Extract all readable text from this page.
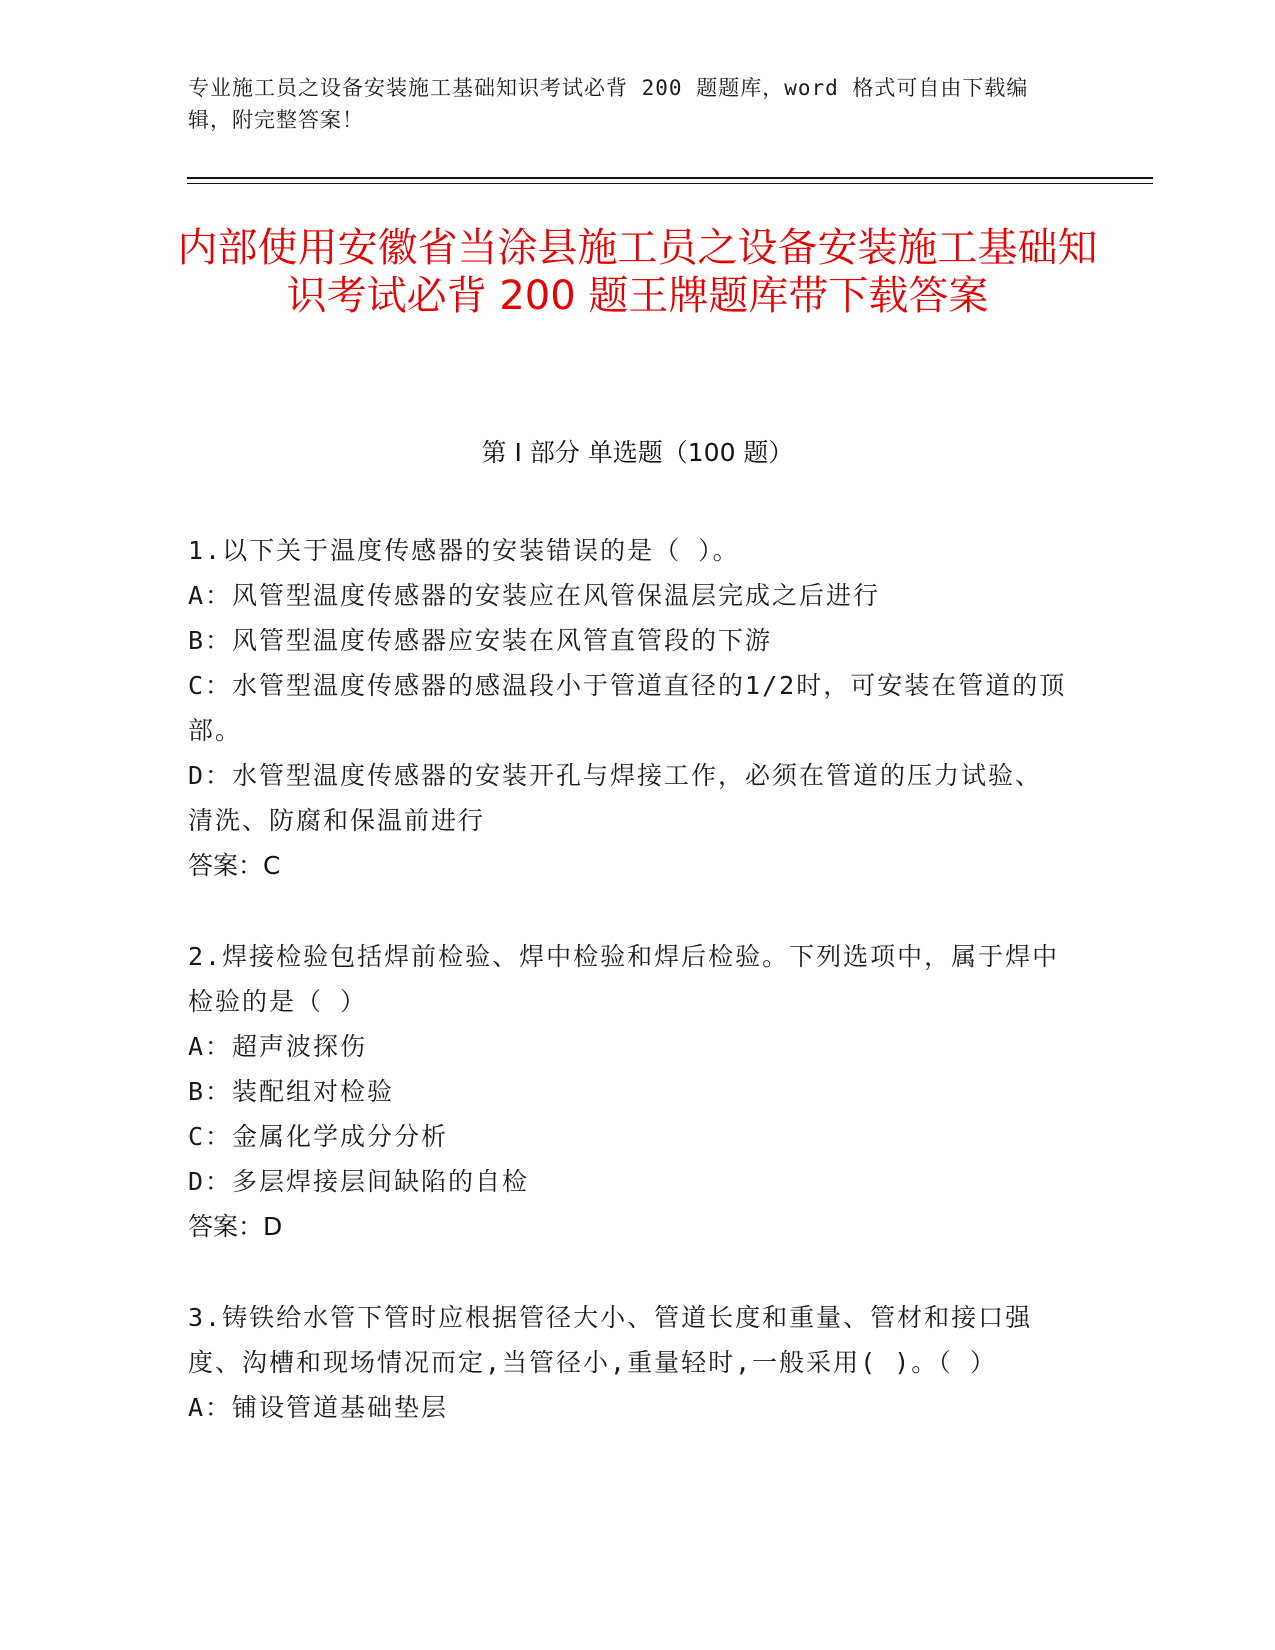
专业施工员之设备安装施工基础知识考试必背 200 题题库，word 格式可自由下载编辑，附完整答案！
内部使用安徽省当涂县施工员之设备安装施工基础知识考试必背 200 题王牌题库带下载答案
第 I 部分 单选题（100 题）

1.以下关于温度传感器的安装错误的是（ ）。

A：风管型温度传感器的安装应在风管保温层完成之后进行

B：风管型温度传感器应安装在风管直管段的下游

C：水管型温度传感器的感温段小于管道直径的1/2时，可安装在管道的顶部。

D：水管型温度传感器的安装开孔与焊接工作，必须在管道的压力试验、清洗、防腐和保温前进行

答案：C

2.焊接检验包括焊前检验、焊中检验和焊后检验。下列选项中，属于焊中检验的是（ ）

A：超声波探伤

B：装配组对检验

C：金属化学成分分析

D：多层焊接层间缺陷的自检

答案：D

3.铸铁给水管下管时应根据管径大小、管道长度和重量、管材和接口强度、沟槽和现场情况而定,当管径小,重量轻时,一般采用( )。（ ）

A：铺设管道基础垫层
